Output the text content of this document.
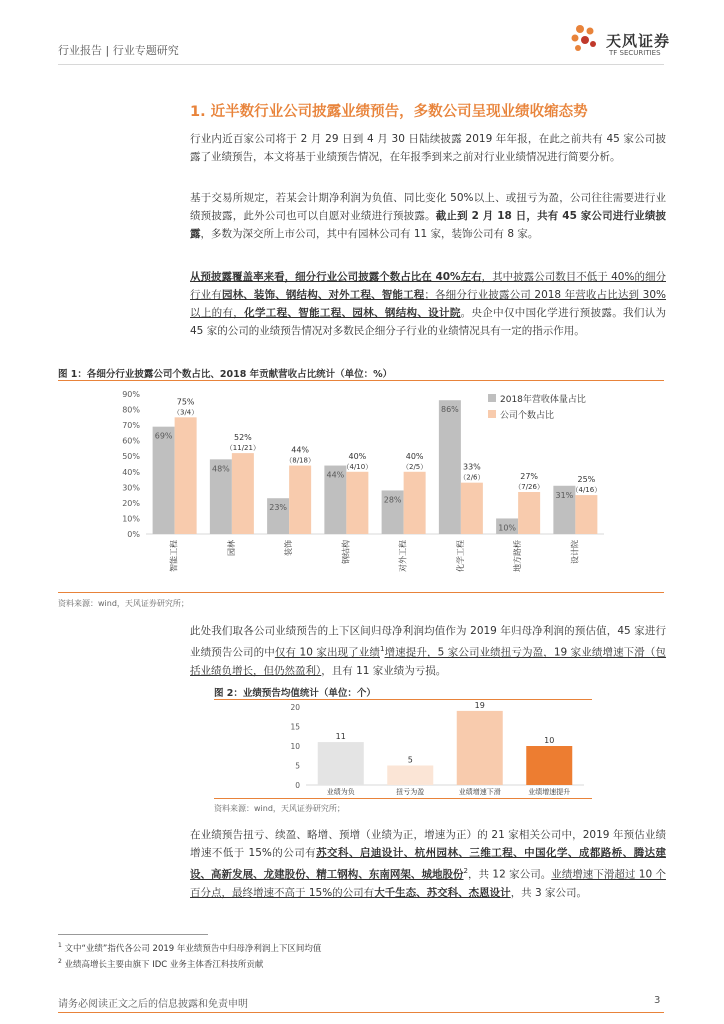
行业报告 | 行业专题研究
天风证券
TF SECURITIES
1. 近半数行业公司披露业绩预告，多数公司呈现业绩收缩态势

行业内近百家公司将于 2 月 29 日到 4 月 30 日陆续披露 2019 年年报，在此之前共有 45 家公司披露了业绩预告，本文将基于业绩预告情况，在年报季到来之前对行业业绩情况进行简要分析。

基于交易所规定，若某会计期净利润为负值、同比变化 50%以上、或扭亏为盈，公司往往需要进行业绩预披露，此外公司也可以自愿对业绩进行预披露。截止到 2 月 18 日，共有 45 家公司进行业绩披露，多数为深交所上市公司，其中有园林公司有 11 家，装饰公司有 8 家。

从预披露覆盖率来看，细分行业公司披露个数占比在 40%左右，其中披露公司数目不低于 40%的细分行业有园林、装饰、钢结构、对外工程、智能工程；各细分行业披露公司 2018 年营收占比达到 30%以上的有，化学工程、智能工程、园林、钢结构、设计院。央企中仅中国化学进行预披露。我们认为 45 家的公司的业绩预告情况对多数民企细分子行业的业绩情况具有一定的指示作用。

图 1：各细分行业披露公司个数占比、2018 年贡献营收占比统计（单位：%）
0%
10%
20%
30%
40%
50%
60%
70%
80%
90%
69%
75%
（3/4）
智能工程
48%
52%
（11/21）
园林
23%
44%
（8/18）
装饰
44%
40%
（4/10）
钢结构
28%
40%
（2/5）
对外工程
86%
33%
（2/6）
化学工程
10%
27%
（7/26）
地方路桥
31%
25%
（4/16）
设计院
2018年营收体量占比
公司个数占比
资料来源：wind，天风证券研究所；

此处我们取各公司业绩预告的上下区间归母净利润均值作为 2019 年归母净利润的预估值，45 家进行业绩预告公司的中仅有 10 家出现了业绩$^1$增速提升，5 家公司业绩扭亏为盈，19 家业绩增速下滑（包括业绩负增长，但仍然盈利），且有 11 家业绩为亏损。

图 2：业绩预告均值统计（单位：个）
0
5
10
15
20
11
业绩为负
5
扭亏为盈
19
业绩增速下滑
10
业绩增速提升
资料来源：wind，天风证券研究所；

在业绩预告扭亏、续盈、略增、预增（业绩为正，增速为正）的 21 家相关公司中，2019 年预估业绩增速不低于 15%的公司有苏交科、启迪设计、杭州园林、三维工程、中国化学、成都路桥、腾达建设、高新发展、龙建股份、精工钢构、东南网架、城地股份$^2$，共 12 家公司。业绩增速下滑超过 10 个百分点，最终增速不高于 15%的公司有大千生态、苏交科、杰恩设计，共 3 家公司。

$^1$ 文中“业绩”指代各公司 2019 年业绩预告中归母净利润上下区间均值
$^2$ 业绩高增长主要由旗下 IDC 业务主体香江科技所贡献
请务必阅读正文之后的信息披露和免责申明	3
